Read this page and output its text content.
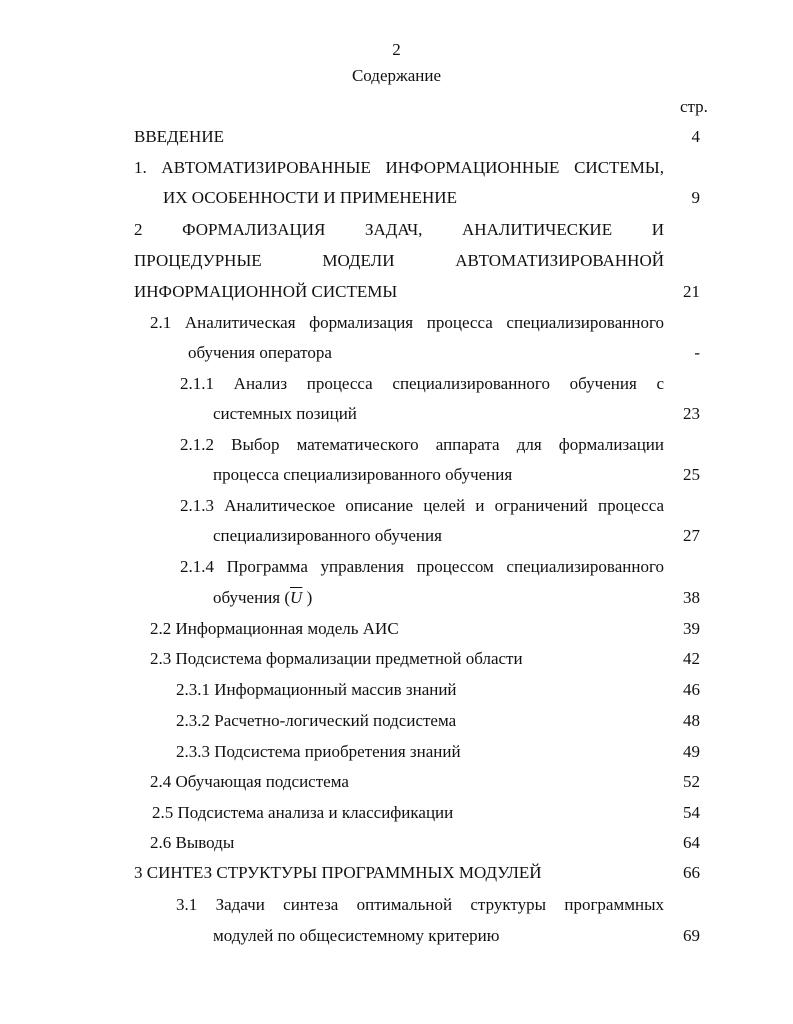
2
Содержание
стр.
ВВЕДЕНИЕ	4
1. АВТОМАТИЗИРОВАННЫЕ ИНФОРМАЦИОННЫЕ СИСТЕМЫ,
ИХ ОСОБЕННОСТИ И ПРИМЕНЕНИЕ	9
2 ФОРМАЛИЗАЦИЯ ЗАДАЧ, АНАЛИТИЧЕСКИЕ И
ПРОЦЕДУРНЫЕ МОДЕЛИ АВТОМАТИЗИРОВАННОЙ
ИНФОРМАЦИОННОЙ СИСТЕМЫ	21
2.1 Аналитическая формализация процесса специализированного
обучения оператора	-
2.1.1 Анализ процесса специализированного обучения с
системных позиций	23
2.1.2 Выбор математического аппарата для формализации
процесса специализированного обучения	25
2.1.3 Аналитическое описание целей и ограничений процесса
специализированного обучения	27
2.1.4 Программа управления процессом специализированного
обучения ($\overline{U}$ )	38
2.2 Информационная модель АИС	39
2.3 Подсистема формализации предметной области	42
2.3.1 Информационный массив знаний	46
2.3.2 Расчетно-логический подсистема	48
2.3.3 Подсистема приобретения знаний	49
2.4 Обучающая подсистема	52
2.5 Подсистема анализа и классификации	54
2.6 Выводы	64
3 СИНТЕЗ СТРУКТУРЫ ПРОГРАММНЫХ МОДУЛЕЙ	66
3.1 Задачи синтеза оптимальной структуры программных
модулей по общесистемному критерию	69
